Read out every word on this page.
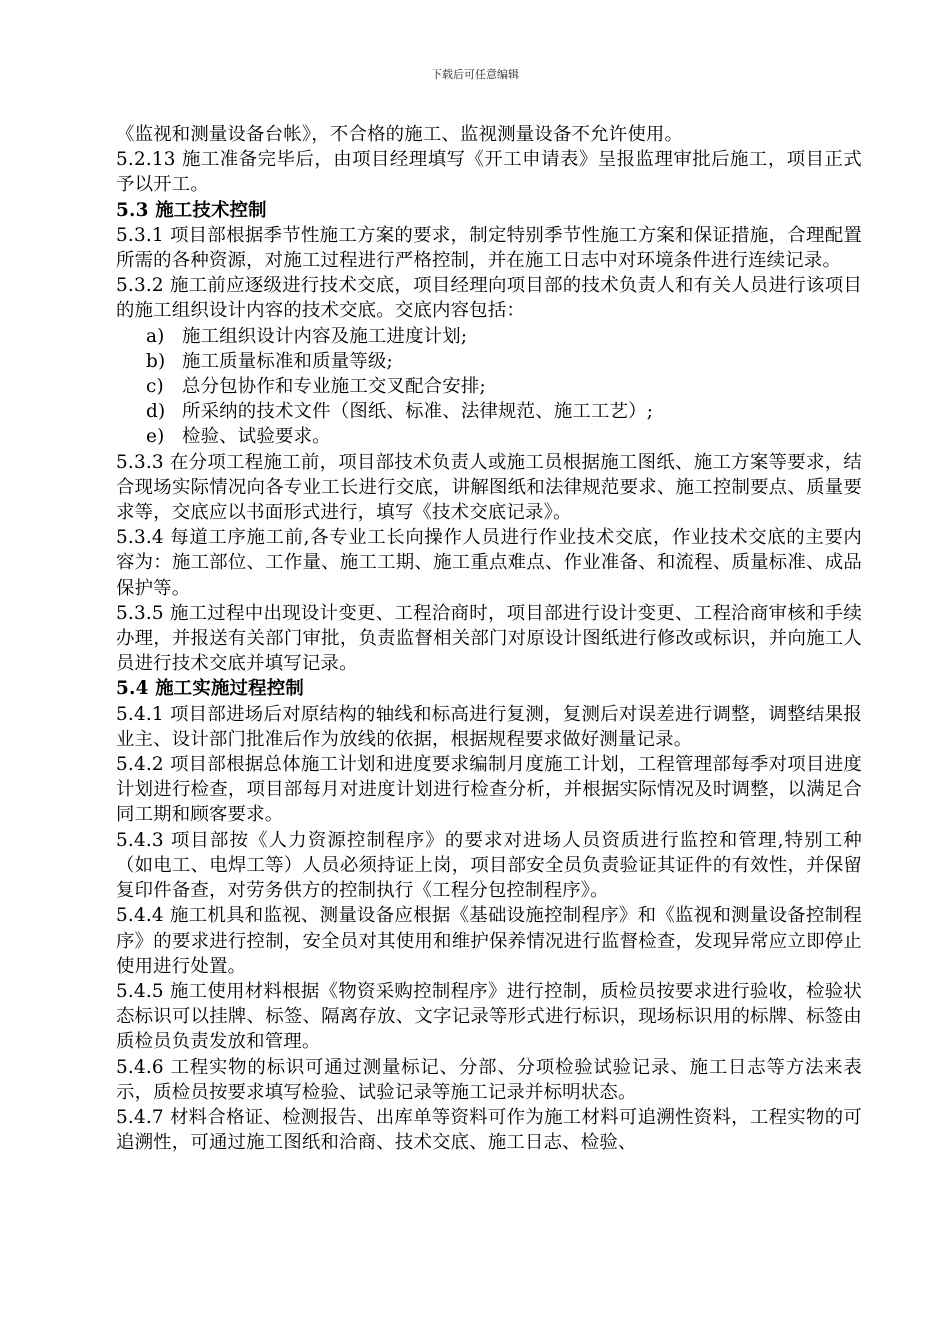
下载后可任意编辑

《监视和测量设备台帐》，不合格的施工、监视测量设备不允许使用。

5.2.13 施工准备完毕后，由项目经理填写《开工申请表》呈报监理审批后施工，项目正式予以开工。

5.3 施工技术控制

5.3.1 项目部根据季节性施工方案的要求，制定特别季节性施工方案和保证措施，合理配置所需的各种资源，对施工过程进行严格控制，并在施工日志中对环境条件进行连续记录。

5.3.2 施工前应逐级进行技术交底，项目经理向项目部的技术负责人和有关人员进行该项目的施工组织设计内容的技术交底。交底内容包括：

a) 施工组织设计内容及施工进度计划;

b) 施工质量标准和质量等级;

c) 总分包协作和专业施工交叉配合安排;

d) 所采纳的技术文件（图纸、标准、法律规范、施工工艺）;

e) 检验、试验要求。

5.3.3 在分项工程施工前，项目部技术负责人或施工员根据施工图纸、施工方案等要求，结合现场实际情况向各专业工长进行交底，讲解图纸和法律规范要求、施工控制要点、质量要求等，交底应以书面形式进行，填写《技术交底记录》。

5.3.4 每道工序施工前,各专业工长向操作人员进行作业技术交底，作业技术交底的主要内容为：施工部位、工作量、施工工期、施工重点难点、作业准备、和流程、质量标准、成品保护等。

5.3.5 施工过程中出现设计变更、工程洽商时，项目部进行设计变更、工程洽商审核和手续办理，并报送有关部门审批，负责监督相关部门对原设计图纸进行修改或标识，并向施工人员进行技术交底并填写记录。

5.4 施工实施过程控制

5.4.1 项目部进场后对原结构的轴线和标高进行复测，复测后对误差进行调整，调整结果报业主、设计部门批准后作为放线的依据，根据规程要求做好测量记录。

5.4.2 项目部根据总体施工计划和进度要求编制月度施工计划，工程管理部每季对项目进度计划进行检查，项目部每月对进度计划进行检查分析，并根据实际情况及时调整，以满足合同工期和顾客要求。

5.4.3 项目部按《人力资源控制程序》的要求对进场人员资质进行监控和管理,特别工种（如电工、电焊工等）人员必须持证上岗，项目部安全员负责验证其证件的有效性，并保留复印件备查，对劳务供方的控制执行《工程分包控制程序》。

5.4.4 施工机具和监视、测量设备应根据《基础设施控制程序》和《监视和测量设备控制程序》的要求进行控制，安全员对其使用和维护保养情况进行监督检查，发现异常应立即停止使用进行处置。

5.4.5 施工使用材料根据《物资采购控制程序》进行控制，质检员按要求进行验收，检验状态标识可以挂牌、标签、隔离存放、文字记录等形式进行标识，现场标识用的标牌、标签由质检员负责发放和管理。

5.4.6 工程实物的标识可通过测量标记、分部、分项检验试验记录、施工日志等方法来表示，质检员按要求填写检验、试验记录等施工记录并标明状态。

5.4.7 材料合格证、检测报告、出库单等资料可作为施工材料可追溯性资料，工程实物的可追溯性，可通过施工图纸和洽商、技术交底、施工日志、检验、
